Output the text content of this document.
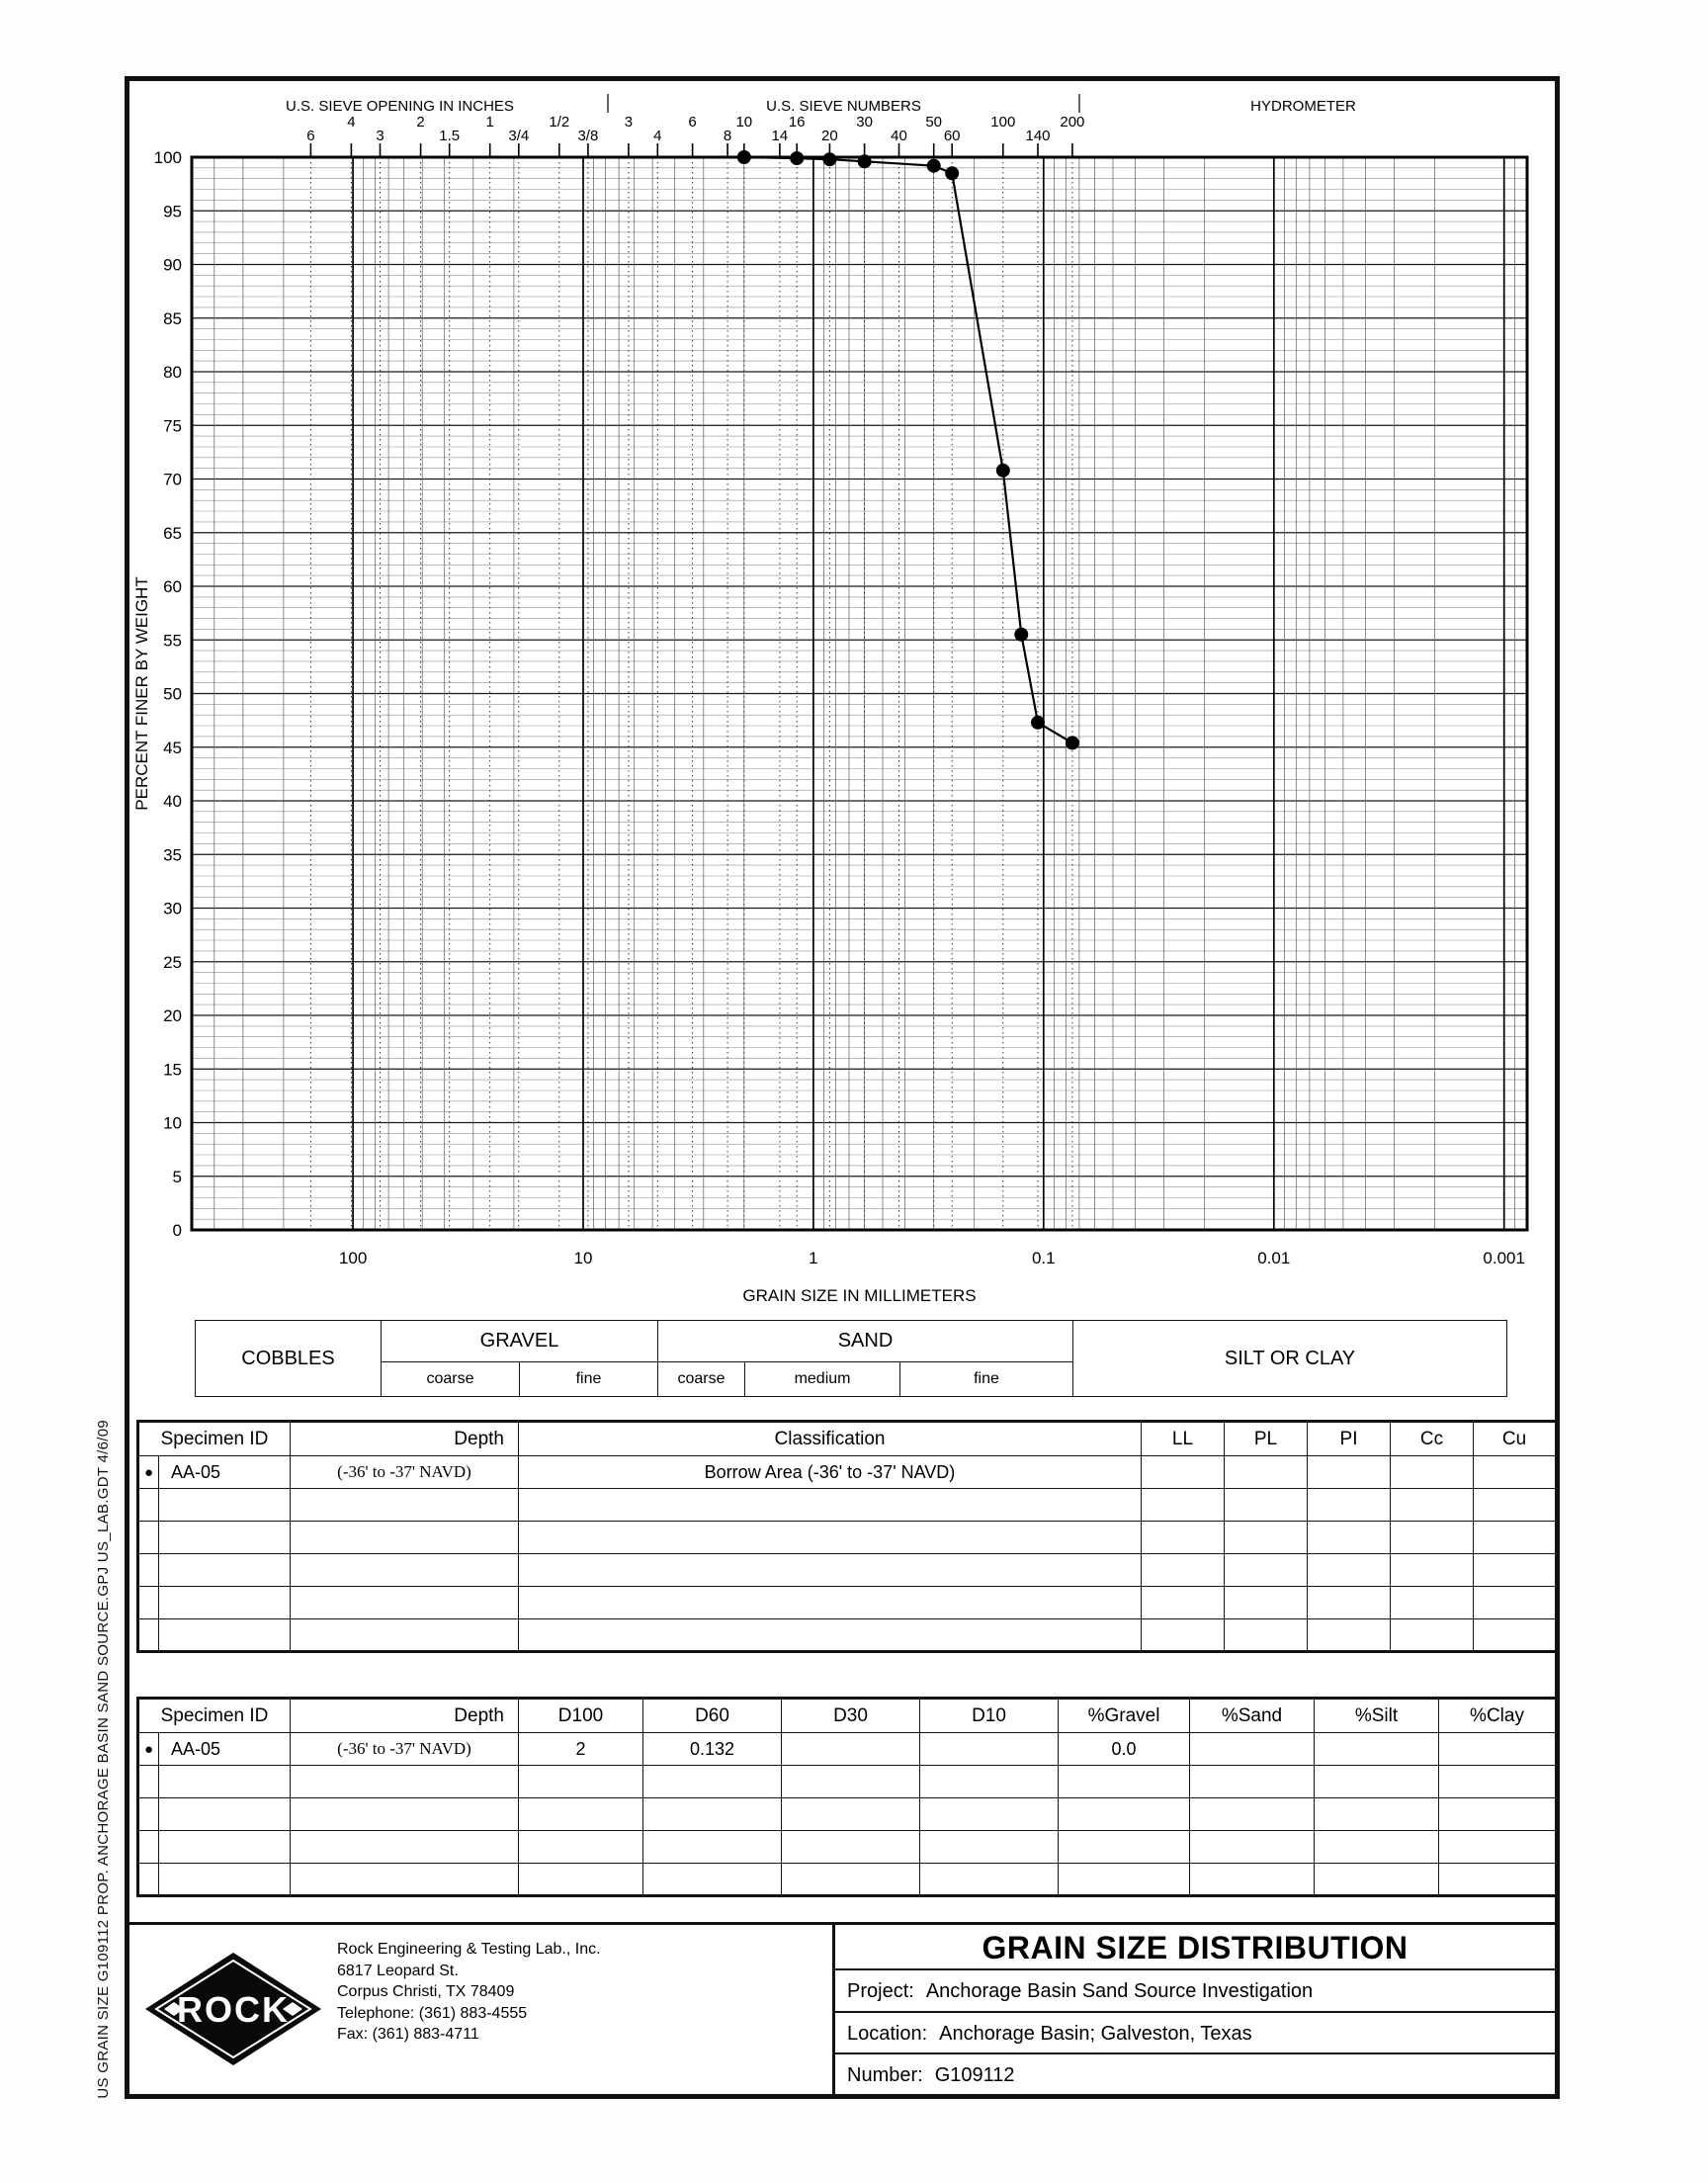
US GRAIN SIZE G109112 PROP. ANCHORAGE BASIN SAND SOURCE.GPJ US_LAB.GDT 4/6/09
6
4
3
2
1.5
1
3/4
1/2
3/8
3
4
6
8
10
14
16
20
30
40
50
60
100
140
200
0
5
10
15
20
25
30
35
40
45
50
55
60
65
70
75
80
85
90
95
100
PERCENT FINER BY WEIGHT
100	10	1	0.1	0.01	0.001
GRAIN SIZE IN MILLIMETERS
U.S. SIEVE OPENING IN INCHES	U.S. SIEVE NUMBERS	HYDROMETER
COBBLES	GRAVEL		SAND			SILT OR CLAY
	coarse	fine	coarse	medium	fine	
Specimen ID		Depth	Classification	LL	PL	PI	Cc	Cu
●	AA-05	(-36' to -37' NAVD)	Borrow Area (-36' to -37' NAVD)					

Specimen ID		Depth	D100	D60	D30	D10	%Gravel	%Sand	%Silt	%Clay
●	AA-05	(-36' to -37' NAVD)	2	0.132			0.0			

ROCK
Rock Engineering & Testing Lab., Inc.
6817 Leopard St.
Corpus Christi, TX 78409
Telephone: (361) 883-4555
Fax: (361) 883-4711
GRAIN SIZE DISTRIBUTION
Project: Anchorage Basin Sand Source Investigation
Location: Anchorage Basin; Galveston, Texas
Number: G109112
